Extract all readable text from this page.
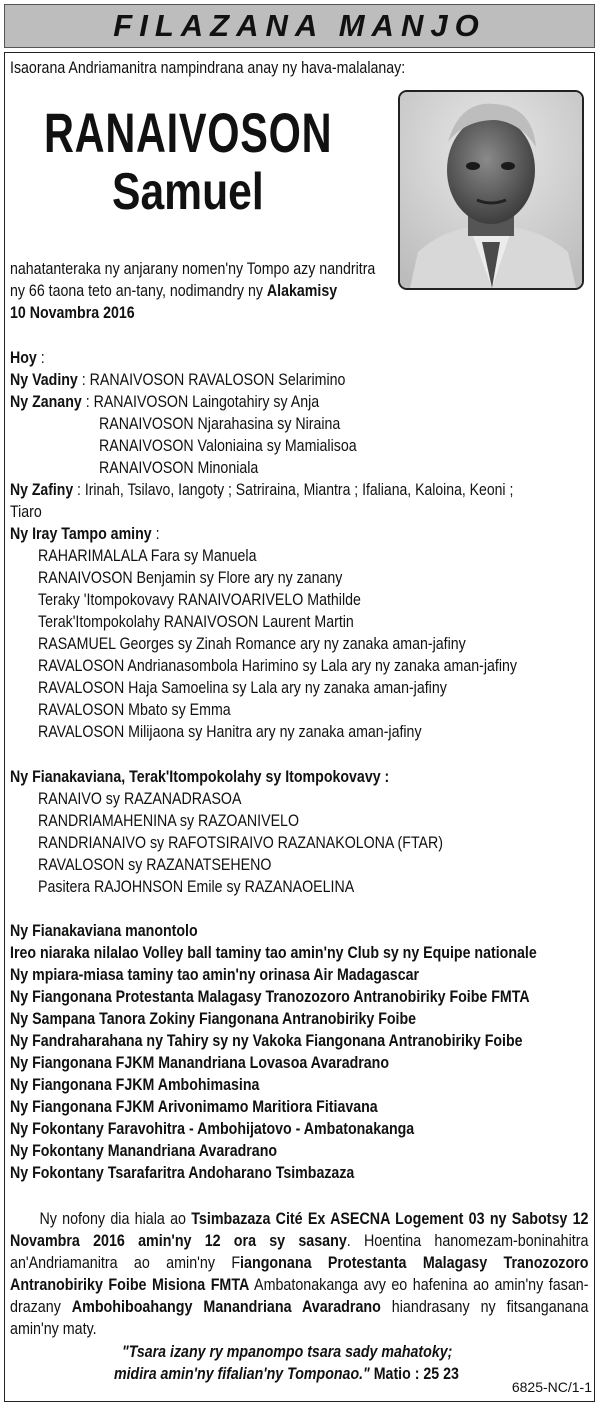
FILAZANA MANJO
Isaorana Andriamanitra nampindrana anay ny hava-malalanay:
RANAIVOSON
Samuel
nahatanteraka ny anjarany nomen'ny Tompo azy nandritra
ny 66 taona teto an-tany, nodimandry ny Alakamisy
10 Novambra 2016
Hoy :
Ny Vadiny : RANAIVOSON RAVALOSON Selarimino
Ny Zanany : RANAIVOSON Laingotahiry sy Anja
RANAIVOSON Njarahasina sy Niraina
RANAIVOSON Valoniaina sy Mamialisoa
RANAIVOSON Minoniala
Ny Zafiny : Irinah, Tsilavo, Iangoty ; Satriraina, Miantra ; Ifaliana, Kaloina, Keoni ;
Tiaro
Ny Iray Tampo aminy :
RAHARIMALALA Fara sy Manuela
RANAIVOSON Benjamin sy Flore ary ny zanany
Teraky 'Itompokovavy RANAIVOARIVELO Mathilde
Terak'Itompokolahy RANAIVOSON Laurent Martin
RASAMUEL Georges sy Zinah Romance ary ny zanaka aman-jafiny
RAVALOSON Andrianasombola Harimino sy Lala ary ny zanaka aman-jafiny
RAVALOSON Haja Samoelina sy Lala ary ny zanaka aman-jafiny
RAVALOSON Mbato sy Emma
RAVALOSON Milijaona sy Hanitra ary ny zanaka aman-jafiny
Ny Fianakaviana, Terak'Itompokolahy sy Itompokovavy :
RANAIVO sy RAZANADRASOA
RANDRIAMAHENINA sy RAZOANIVELO
RANDRIANAIVO sy RAFOTSIRAIVO RAZANAKOLONA (FTAR)
RAVALOSON sy RAZANATSEHENO
Pasitera RAJOHNSON Emile sy RAZANAOELINA
Ny Fianakaviana manontolo
Ireo niaraka nilalao Volley ball taminy tao amin'ny Club sy ny Equipe nationale
Ny mpiara-miasa taminy tao amin'ny orinasa Air Madagascar
Ny Fiangonana Protestanta Malagasy Tranozozoro Antranobiriky Foibe FMTA
Ny Sampana Tanora Zokiny Fiangonana Antranobiriky Foibe
Ny Fandraharahana ny Tahiry sy ny Vakoka Fiangonana Antranobiriky Foibe
Ny Fiangonana FJKM Manandriana Lovasoa Avaradrano
Ny Fiangonana FJKM Ambohimasina
Ny Fiangonana FJKM Arivonimamo Maritiora Fitiavana
Ny Fokontany Faravohitra - Ambohijatovo - Ambatonakanga
Ny Fokontany Manandriana Avaradrano
Ny Fokontany Tsarafaritra Andoharano Tsimbazaza
Ny nofony dia hiala ao Tsimbazaza Cité Ex ASECNA Logement 03 ny Sabotsy 12 Novambra 2016 amin'ny 12 ora sy sasany. Hoentina hanomezam-boninahitra an'Andriamanitra ao amin'ny Fiangonana Protestanta Malagasy Tranozozoro Antranobiriky Foibe Misiona FMTA Ambatonakanga avy eo hafenina ao amin'ny fasan-drazany Ambohiboahangy Manandriana Avaradrano hiandrasany ny fitsanganana amin'ny maty.
"Tsara izany ry mpanompo tsara sady mahatoky;
midira amin'ny fifalian'ny Tomponao." Matio : 25 23
6825-NC/1-1
